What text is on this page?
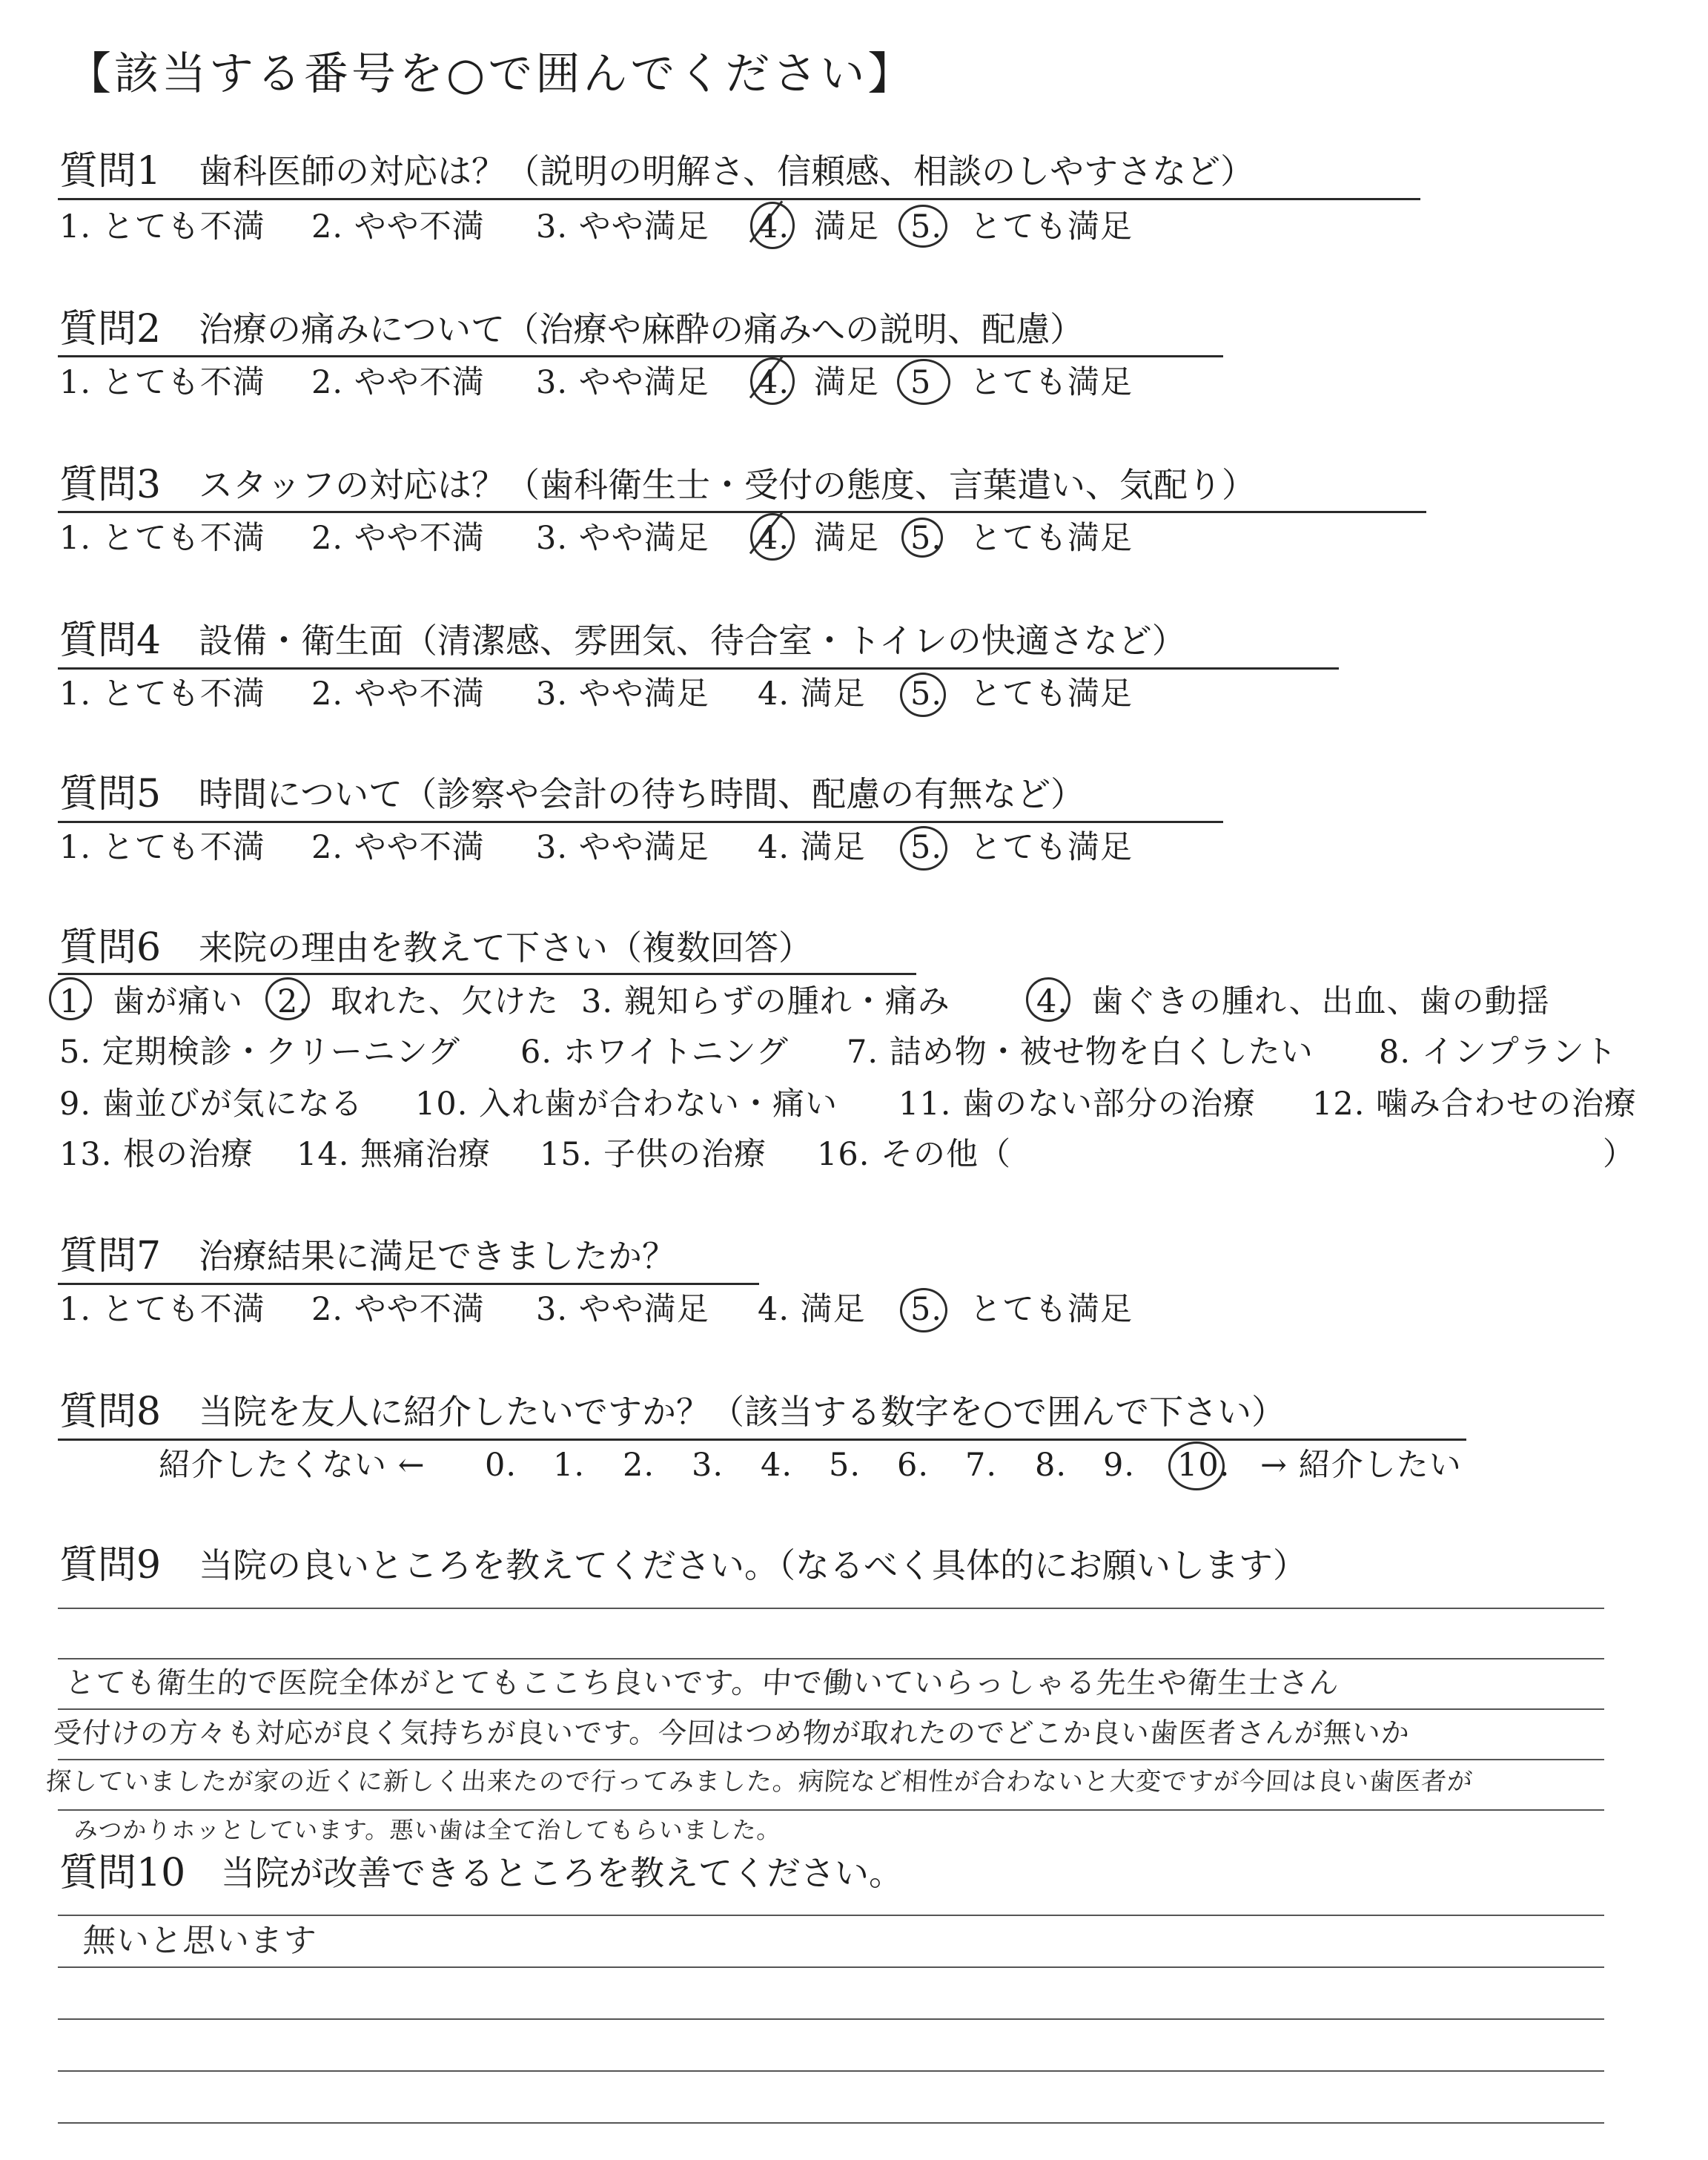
【該当する番号を○で囲んでください】
質問1 歯科医師の対応は？（説明の明解さ、信頼感、相談のしやすさなど）
1. とても不満 2. やや不満 3. やや満足 4. 満足 5. とても満足
質問2 治療の痛みについて（治療や麻酔の痛みへの説明、配慮）
1. とても不満 2. やや不満 3. やや満足 4. 満足 5 とても満足
質問3 スタッフの対応は？（歯科衛生士・受付の態度、言葉遣い、気配り）
1. とても不満 2. やや不満 3. やや満足 4. 満足 5. とても満足
質問4 設備・衛生面（清潔感、雰囲気、待合室・トイレの快適さなど）
1. とても不満 2. やや不満 3. やや満足 4. 満足 5. とても満足
質問5 時間について（診察や会計の待ち時間、配慮の有無など）
1. とても不満 2. やや不満 3. やや満足 4. 満足 5. とても満足
質問6 来院の理由を教えて下さい（複数回答）
1. 歯が痛い 2. 取れた、欠けた 3. 親知らずの腫れ・痛み	4. 歯ぐきの腫れ、出血、歯の動揺
5. 定期検診・クリーニング 6. ホワイトニング 7. 詰め物・被せ物を白くしたい 8. インプラント
9. 歯並びが気になる 10. 入れ歯が合わない・痛い 11. 歯のない部分の治療 12. 噛み合わせの治療
13. 根の治療 14. 無痛治療 15. 子供の治療 16. その他（	）
質問7 治療結果に満足できましたか？
1. とても不満 2. やや不満 3. やや満足 4. 満足 5. とても満足
質問8 当院を友人に紹介したいですか？（該当する数字を○で囲んで下さい）
紹介したくない ← 0. 1. 2. 3. 4. 5. 6. 7. 8. 9. 10. → 紹介したい
質問9 当院の良いところを教えてください。（なるべく具体的にお願いします）
とても衛生的で医院全体がとてもここち良いです。中で働いていらっしゃる先生や衛生士さん
受付けの方々も対応が良く気持ちが良いです。今回はつめ物が取れたのでどこか良い歯医者さんが無いか
探していましたが家の近くに新しく出来たので行ってみました。病院など相性が合わないと大変ですが今回は良い歯医者が
みつかりホッとしています。悪い歯は全て治してもらいました。
質問10 当院が改善できるところを教えてください。
無いと思います
